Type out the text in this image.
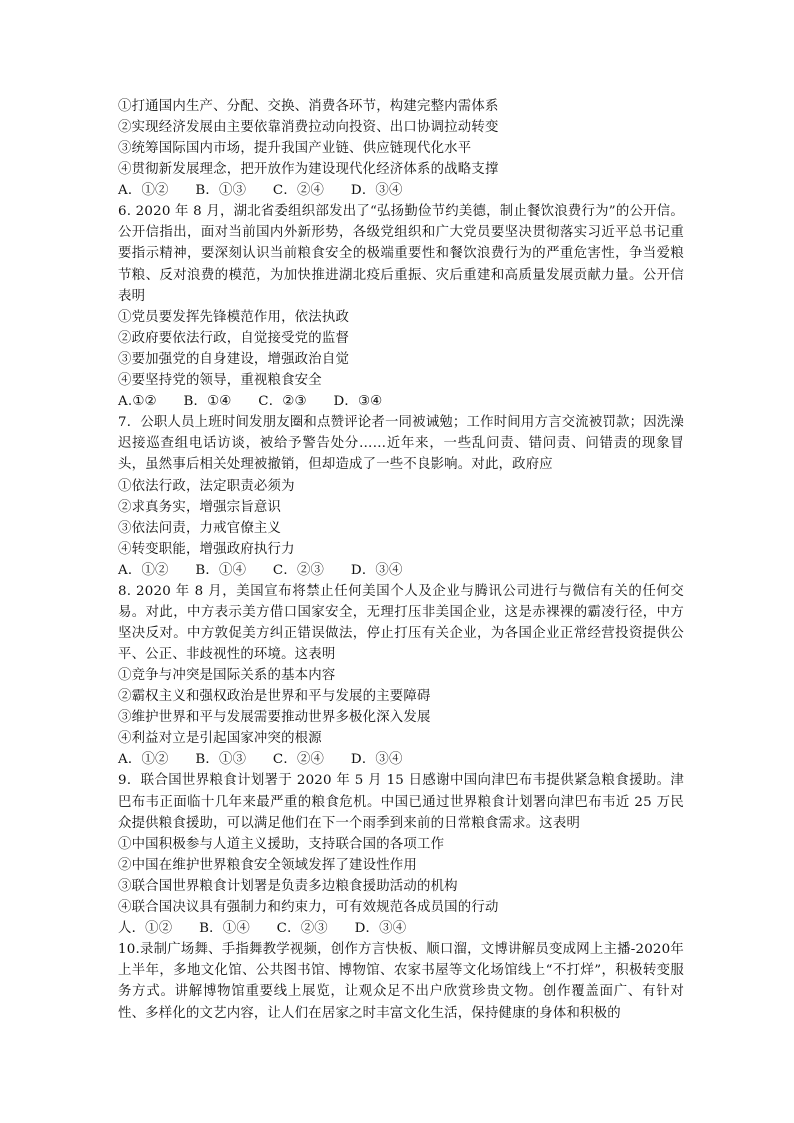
①打通国内生产、分配、交换、消费各环节，构建完整内需体系
②实现经济发展由主要依靠消费拉动向投资、出口协调拉动转变
③统筹国际国内市场，提升我国产业链、供应链现代化水平
④贯彻新发展理念，把开放作为建设现代化经济体系的战略支撑
A．①②      B．①③      C．②④      D．③④
6. 2020 年 8 月，湖北省委组织部发出了“弘扬勤俭节约美德，制止餐饮浪费行为”的公开信。公开信指出，面对当前国内外新形势，各级党组织和广大党员要坚决贯彻落实习近平总书记重要指示精神，要深刻认识当前粮食安全的极端重要性和餐饮浪费行为的严重危害性，争当爱粮节粮、反对浪费的模范，为加快推进湖北疫后重振、灾后重建和高质量发展贡献力量。公开信表明
①党员要发挥先锋模范作用，依法执政
②政府要依法行政，自觉接受党的监督
③要加强党的自身建设，增强政治自觉
④要坚持党的领导，重视粮食安全
A.①②      B．①④      C．②③      D．③④
7．公职人员上班时间发朋友圈和点赞评论者一同被诫勉；工作时间用方言交流被罚款；因洗澡迟接巡查组电话访谈，被给予警告处分……近年来，一些乱问责、错问责、问错责的现象冒头，虽然事后相关处理被撤销，但却造成了一些不良影响。对此，政府应
①依法行政，法定职责必须为
②求真务实，增强宗旨意识
③依法问责，力戒官僚主义
④转变职能，增强政府执行力
A．①②      B．①④      C．②③      D．③④
8. 2020 年 8 月，美国宣布将禁止任何美国个人及企业与腾讯公司进行与微信有关的任何交易。对此，中方表示美方借口国家安全，无理打压非美国企业，这是赤裸裸的霸凌行径，中方坚决反对。中方敦促美方纠正错误做法，停止打压有关企业，为各国企业正常经营投资提供公平、公正、非歧视性的环境。这表明
①竞争与冲突是国际关系的基本内容
②霸权主义和强权政治是世界和平与发展的主要障碍
③维护世界和平与发展需要推动世界多极化深入发展
④利益对立是引起国家冲突的根源
A．①②      B．①③      C．②④      D．③④
9．联合国世界粮食计划署于 2020 年 5 月 15 日感谢中国向津巴布韦提供紧急粮食援助。津巴布韦正面临十几年来最严重的粮食危机。中国已通过世界粮食计划署向津巴布韦近 25 万民众提供粮食援助，可以满足他们在下一个雨季到来前的日常粮食需求。这表明
①中国积极参与人道主义援助，支持联合国的各项工作
②中国在维护世界粮食安全领域发挥了建设性作用
③联合国世界粮食计划署是负责多边粮食援助活动的机构
④联合国决议具有强制力和约束力，可有效规范各成员国的行动
人．①②      B．①④      C．②③      D．③④
10.录制广场舞、手指舞教学视频，创作方言快板、顺口溜，文博讲解员变成网上主播-2020年上半年，多地文化馆、公共图书馆、博物馆、农家书屋等文化场馆线上“不打烊”，积极转变服务方式。讲解博物馆重要线上展览，让观众足不出户欣赏珍贵文物。创作覆盖面广、有针对性、多样化的文艺内容，让人们在居家之时丰富文化生活，保持健康的身体和积极的
